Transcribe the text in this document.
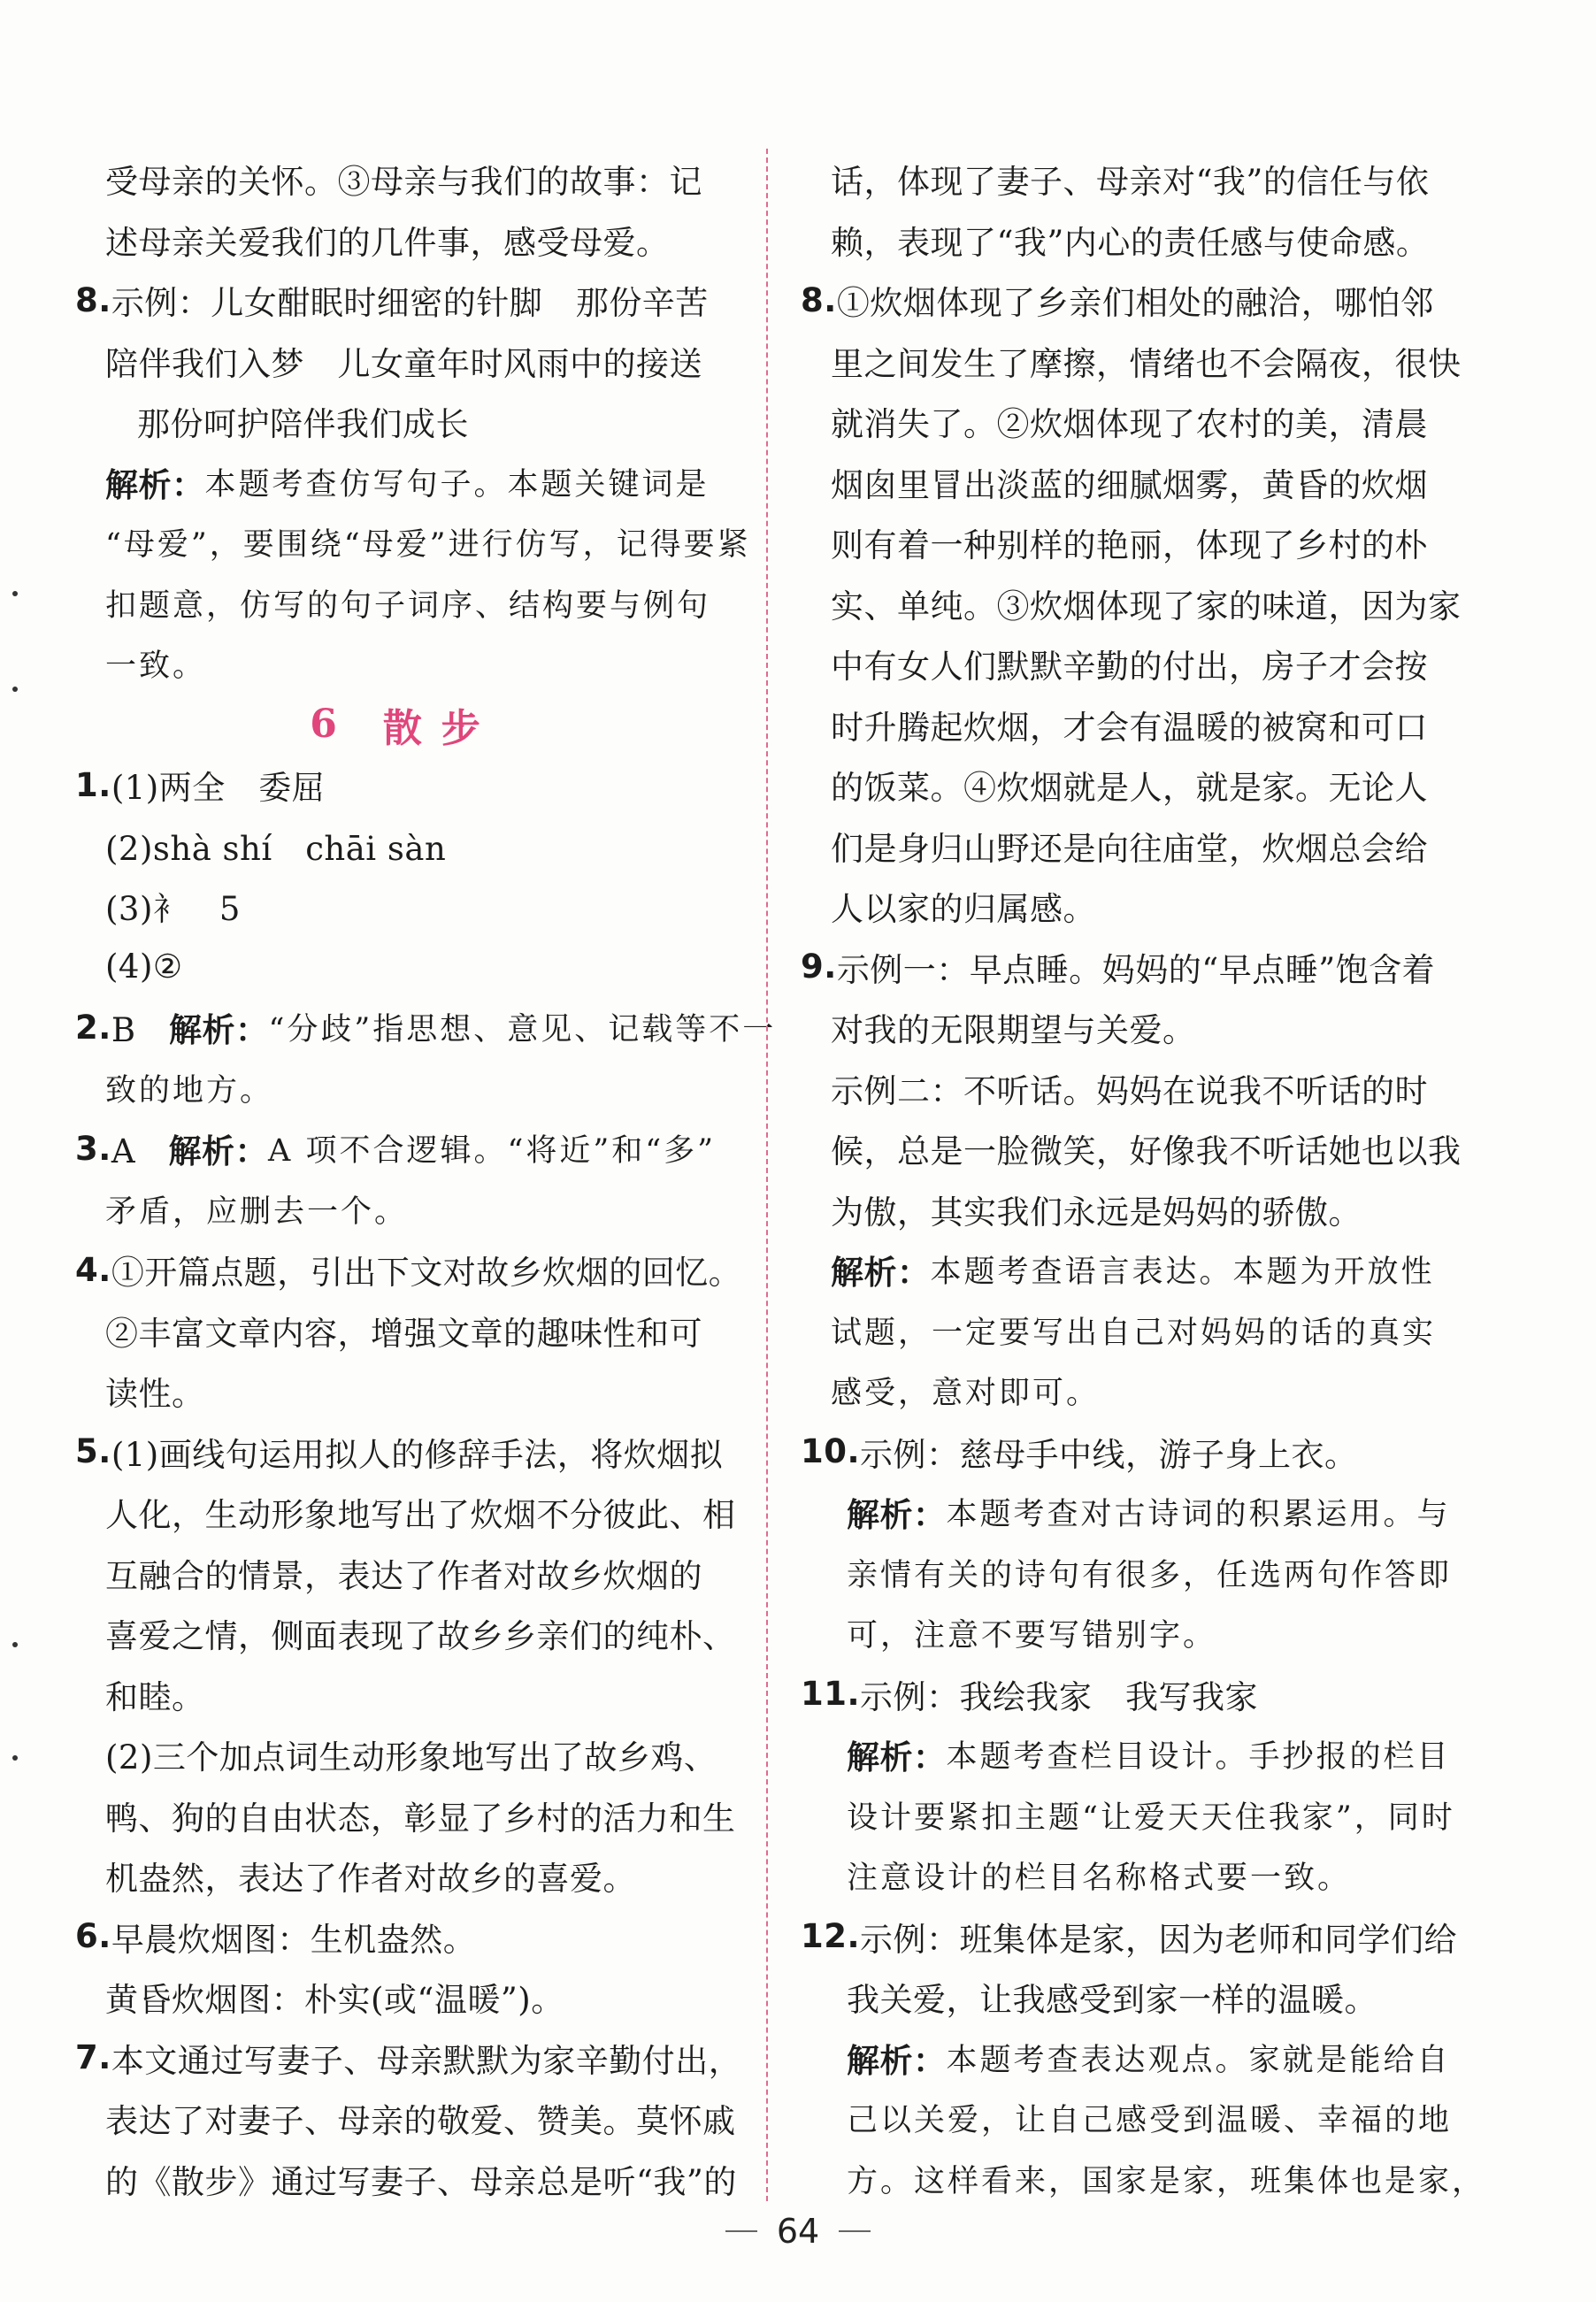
受母亲的关怀。③母亲与我们的故事：记
述母亲关爱我们的几件事，感受母爱。
8. 示例：儿女酣眠时细密的针脚　那份辛苦
陪伴我们入梦　儿女童年时风雨中的接送
那份呵护陪伴我们成长
解析： 本题考查仿写句子。本题关键词是
“母爱”，要围绕“母爱”进行仿写，记得要紧
扣题意，仿写的句子词序、结构要与例句
一致。
6 散步
1. (1)两全　委屈
(2)shà shí　chāi sàn
(3)衤　5
(4)②
2. B　 解析： “分歧”指思想、意见、记载等不一
致的地方。
3. A　 解析： A 项不合逻辑。“将近”和“多”
矛盾，应删去一个。
4. ①开篇点题，引出下文对故乡炊烟的回忆。
②丰富文章内容，增强文章的趣味性和可
读性。
5. (1)画线句运用拟人的修辞手法，将炊烟拟
人化，生动形象地写出了炊烟不分彼此、相
互融合的情景，表达了作者对故乡炊烟的
喜爱之情，侧面表现了故乡乡亲们的纯朴、
和睦。
(2)三个加点词生动形象地写出了故乡鸡、
鸭、狗的自由状态，彰显了乡村的活力和生
机盎然，表达了作者对故乡的喜爱。
6. 早晨炊烟图：生机盎然。
黄昏炊烟图：朴实(或“温暖”)。
7. 本文通过写妻子、母亲默默为家辛勤付出，
表达了对妻子、母亲的敬爱、赞美。莫怀戚
的《散步》通过写妻子、母亲总是听“我”的
话，体现了妻子、母亲对“我”的信任与依
赖，表现了“我”内心的责任感与使命感。
8. ①炊烟体现了乡亲们相处的融洽，哪怕邻
里之间发生了摩擦，情绪也不会隔夜，很快
就消失了。②炊烟体现了农村的美，清晨
烟囱里冒出淡蓝的细腻烟雾，黄昏的炊烟
则有着一种别样的艳丽，体现了乡村的朴
实、单纯。③炊烟体现了家的味道，因为家
中有女人们默默辛勤的付出，房子才会按
时升腾起炊烟，才会有温暖的被窝和可口
的饭菜。④炊烟就是人，就是家。无论人
们是身归山野还是向往庙堂，炊烟总会给
人以家的归属感。
9. 示例一：早点睡。妈妈的“早点睡”饱含着
对我的无限期望与关爱。
示例二：不听话。妈妈在说我不听话的时
候，总是一脸微笑，好像我不听话她也以我
为傲，其实我们永远是妈妈的骄傲。
解析： 本题考查语言表达。本题为开放性
试题，一定要写出自己对妈妈的话的真实
感受，意对即可。
10. 示例：慈母手中线，游子身上衣。
解析： 本题考查对古诗词的积累运用。与
亲情有关的诗句有很多，任选两句作答即
可，注意不要写错别字。
11. 示例：我绘我家　我写我家
解析： 本题考查栏目设计。手抄报的栏目
设计要紧扣主题“让爱天天住我家”，同时
注意设计的栏目名称格式要一致。
12. 示例：班集体是家，因为老师和同学们给
我关爱，让我感受到家一样的温暖。
解析： 本题考查表达观点。家就是能给自
己以关爱，让自己感受到温暖、幸福的地
方。这样看来，国家是家，班集体也是家，
64
